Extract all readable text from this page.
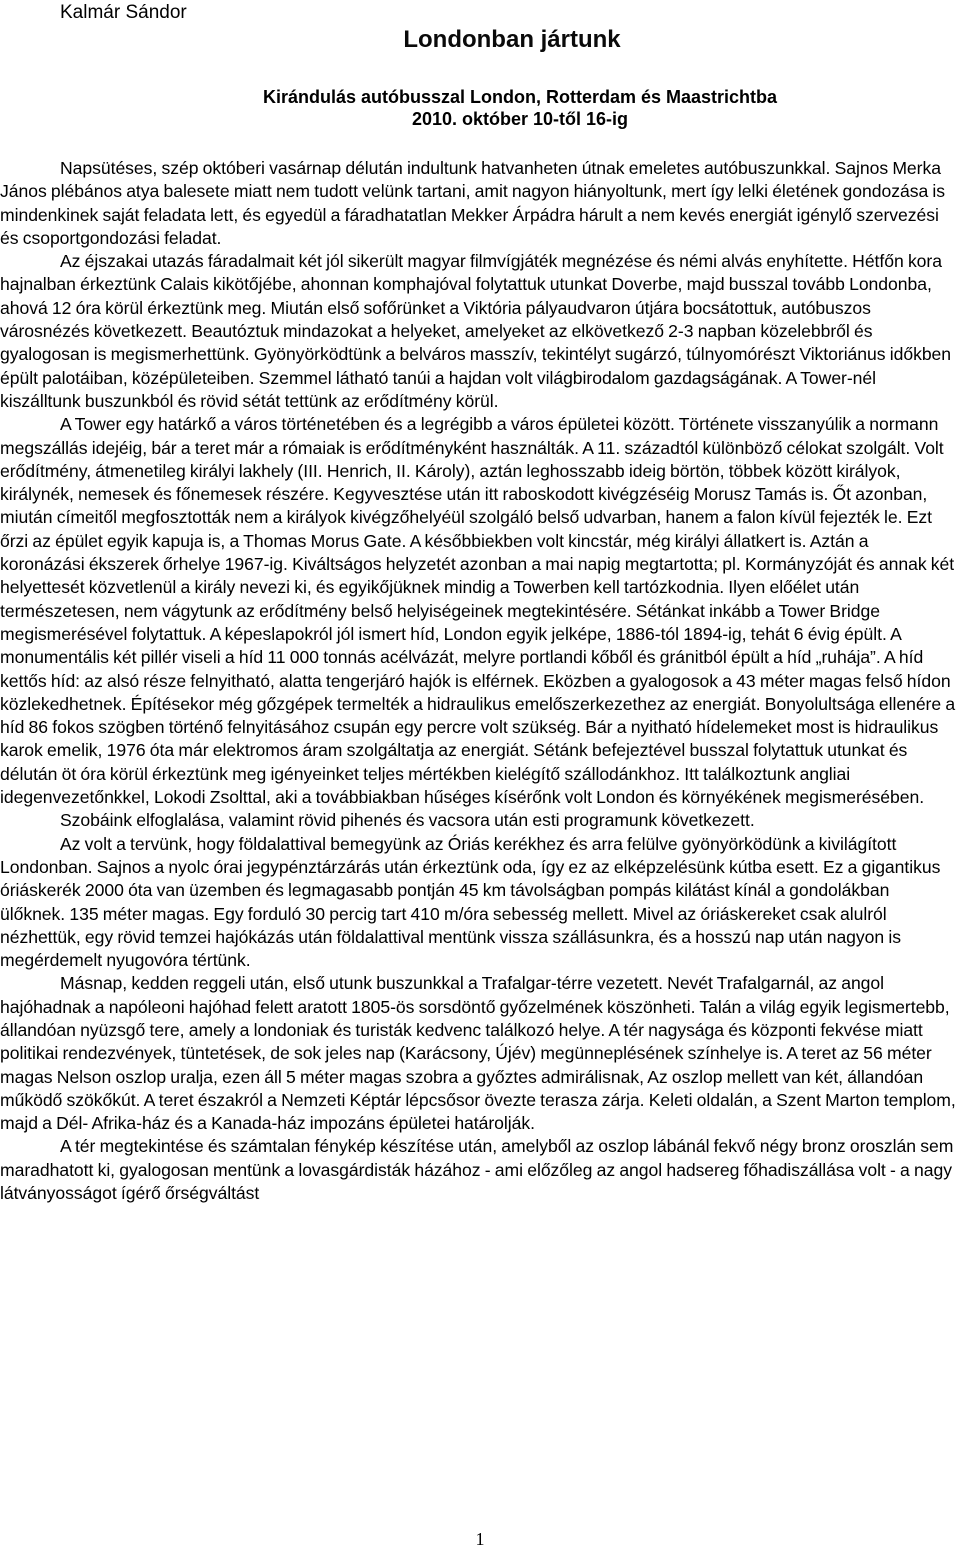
Kalmár Sándor
Londonban jártunk
Kirándulás autóbusszal London, Rotterdam és Maastrichtba
2010. október 10-től 16-ig

Napsütéses, szép októberi vasárnap délután indultunk hatvanheten útnak emeletes autóbuszunkkal. Sajnos Merka János plébános atya balesete miatt nem tudott velünk tartani, amit nagyon hiányoltunk, mert így lelki életének gondozása is mindenkinek saját feladata lett, és egyedül a fáradhatatlan Mekker Árpádra hárult a nem kevés energiát igénylő szervezési és csoportgondozási feladat.

Az éjszakai utazás fáradalmait két jól sikerült magyar filmvígjáték megnézése és némi alvás enyhítette. Hétfőn kora hajnalban érkeztünk Calais kikötőjébe, ahonnan komphajóval folytattuk utunkat Doverbe, majd busszal tovább Londonba, ahová 12 óra körül érkeztünk meg. Miután első sofőrünket a Viktória pályaudvaron útjára bocsátottuk, autóbuszos városnézés következett. Beautóztuk mindazokat a helyeket, amelyeket az elkövetkező 2-3 napban közelebbről és gyalogosan is megismerhettünk. Gyönyörködtünk a belváros masszív, tekintélyt sugárzó, túlnyomórészt Viktoriánus időkben épült palotáiban, középületeiben. Szemmel látható tanúi a hajdan volt világbirodalom gazdagságának. A Tower-nél kiszálltunk buszunkból és rövid sétát tettünk az erődítmény körül.

A Tower egy határkő a város történetében és a legrégibb a város épületei között. Története visszanyúlik a normann megszállás idejéig, bár a teret már a rómaiak is erődítményként használták. A 11. századtól különböző célokat szolgált. Volt erődítmény, átmenetileg királyi lakhely (III. Henrich, II. Károly), aztán leghosszabb ideig börtön, többek között királyok, királynék, nemesek és főnemesek részére. Kegyvesztése után itt raboskodott kivégzéséig Morusz Tamás is. Őt azonban, miután címeitől megfosztották nem a királyok kivégzőhelyéül szolgáló belső udvarban, hanem a falon kívül fejezték le. Ezt őrzi az épület egyik kapuja is, a Thomas Morus Gate. A későbbiekben volt kincstár, még királyi állatkert is. Aztán a koronázási ékszerek őrhelye 1967-ig. Kiváltságos helyzetét azonban a mai napig megtartotta; pl. Kormányzóját és annak két helyettesét közvetlenül a király nevezi ki, és egyikőjüknek mindig a Towerben kell tartózkodnia. Ilyen előélet után természetesen, nem vágytunk az erődítmény belső helyiségeinek megtekintésére. Sétánkat inkább a Tower Bridge megismerésével folytattuk. A képeslapokról jól ismert híd, London egyik jelképe, 1886-tól 1894-ig, tehát 6 évig épült. A monumentális két pillér viseli a híd 11 000 tonnás acélvázát, melyre portlandi kőből és gránitból épült a híd „ruhája”. A híd kettős híd: az alsó része felnyitható, alatta tengerjáró hajók is elférnek. Eközben a gyalogosok a 43 méter magas felső hídon közlekedhetnek. Építésekor még gőzgépek termelték a hidraulikus emelőszerkezethez az energiát. Bonyolultsága ellenére a híd 86 fokos szögben történő felnyitásához csupán egy percre volt szükség. Bár a nyitható hídelemeket most is hidraulikus karok emelik, 1976 óta már elektromos áram szolgáltatja az energiát. Sétánk befejeztével busszal folytattuk utunkat és délután öt óra körül érkeztünk meg igényeinket teljes mértékben kielégítő szállodánkhoz. Itt találkoztunk angliai idegenvezetőnkkel, Lokodi Zsolttal, aki a továbbiakban hűséges kísérőnk volt London és környékének megismerésében.

Szobáink elfoglalása, valamint rövid pihenés és vacsora után esti programunk következett.

Az volt a tervünk, hogy földalattival bemegyünk az Óriás kerékhez és arra felülve gyönyörködünk a kivilágított Londonban. Sajnos a nyolc órai jegypénztárzárás után érkeztünk oda, így ez az elképzelésünk kútba esett. Ez a gigantikus óriáskerék 2000 óta van üzemben és legmagasabb pontján 45 km távolságban pompás kilátást kínál a gondolákban ülőknek. 135 méter magas. Egy forduló 30 percig tart 410 m/óra sebesség mellett. Mivel az óriáskereket csak alulról nézhettük, egy rövid temzei hajókázás után földalattival mentünk vissza szállásunkra, és a hosszú nap után nagyon is megérdemelt nyugovóra tértünk.

Másnap, kedden reggeli után, első utunk buszunkkal a Trafalgar-térre vezetett. Nevét Trafalgarnál, az angol hajóhadnak a napóleoni hajóhad felett aratott 1805-ös sorsdöntő győzelmének köszönheti. Talán a világ egyik legismertebb, állandóan nyüzsgő tere, amely a londoniak és turisták kedvenc találkozó helye. A tér nagysága és központi fekvése miatt politikai rendezvények, tüntetések, de sok jeles nap (Karácsony, Újév) megünneplésének színhelye is. A teret az 56 méter magas Nelson oszlop uralja, ezen áll 5 méter magas szobra a győztes admirálisnak, Az oszlop mellett van két, állandóan működő szökőkút. A teret északról a Nemzeti Képtár lépcsősor övezte terasza zárja. Keleti oldalán, a Szent Marton templom, majd a Dél- Afrika-ház és a Kanada-ház impozáns épületei határolják.

A tér megtekintése és számtalan fénykép készítése után, amelyből az oszlop lábánál fekvő négy bronz oroszlán sem maradhatott ki, gyalogosan mentünk a lovasgárdisták házához - ami előzőleg az angol hadsereg főhadiszállása volt - a nagy látványosságot ígérő őrségváltást

1
